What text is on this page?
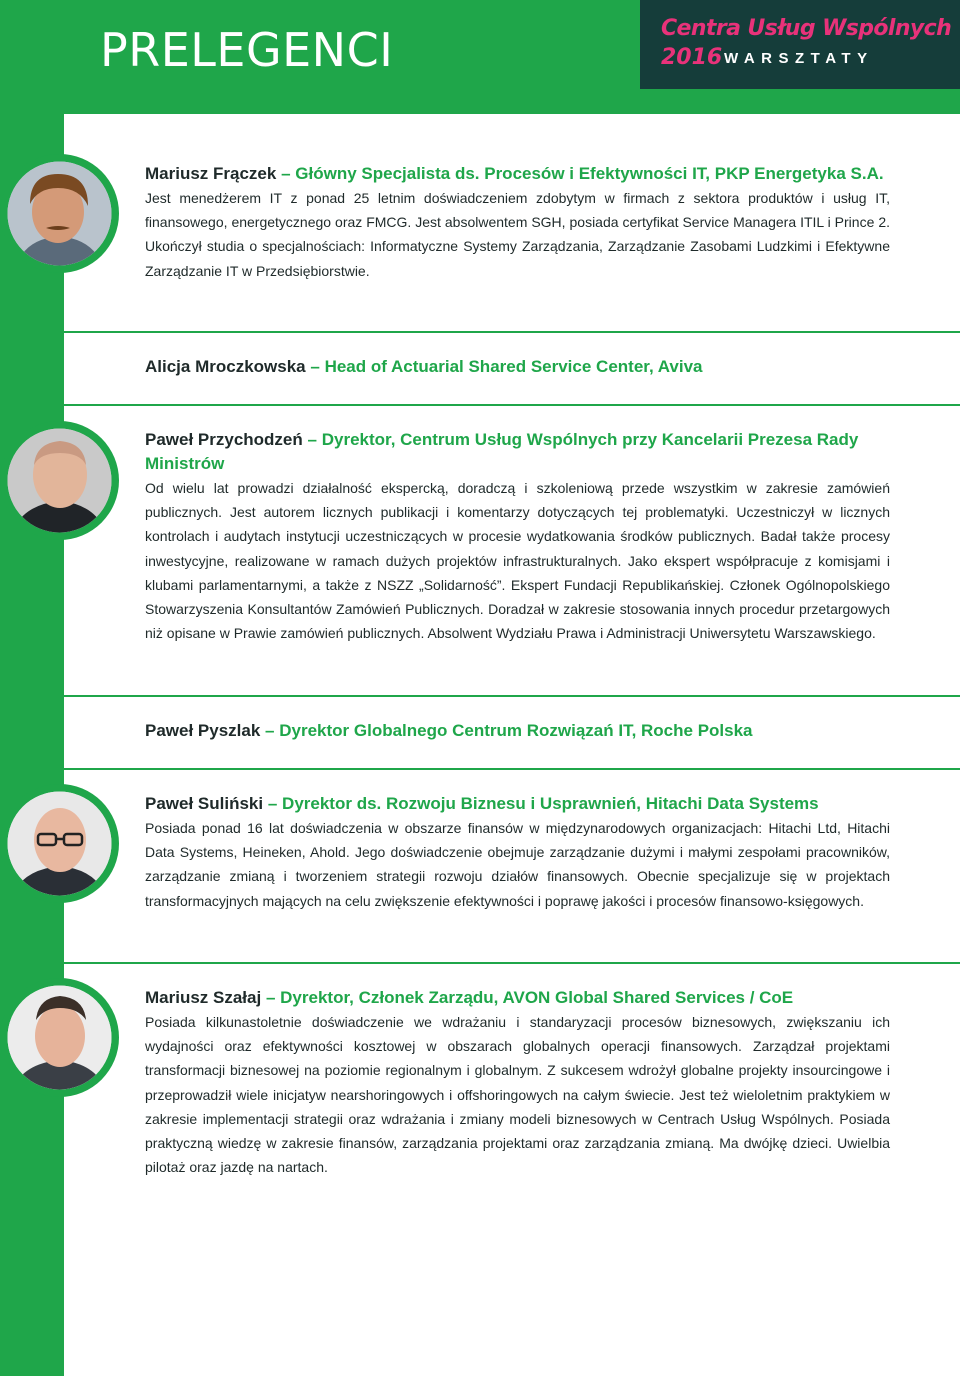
PRELEGENCI	Centra Usług Wspólnych
2016 WARSZTATY

Mariusz Frączek – Główny Specjalista ds. Procesów i Efektywności IT, PKP Energetyka S.A.

Jest menedżerem IT z ponad 25 letnim doświadczeniem zdobytym w firmach z sektora produktów i usług IT, finansowego, energetycznego oraz FMCG. Jest absolwentem SGH, posiada certyfikat Service Managera ITIL i Prince 2. Ukończył studia o specjalnościach: Informatyczne Systemy Zarządzania, Zarządzanie Zasobami Ludzkimi i Efektywne Zarządzanie IT w Przedsiębiorstwie.

Alicja Mroczkowska – Head of Actuarial Shared Service Center, Aviva

Paweł Przychodzeń – Dyrektor, Centrum Usług Wspólnych przy Kancelarii Prezesa Rady Ministrów

Od wielu lat prowadzi działalność ekspercką, doradczą i szkoleniową przede wszystkim w zakresie zamówień publicznych. Jest autorem licznych publikacji i komentarzy dotyczących tej problematyki. Uczestniczył w licznych kontrolach i audytach instytucji uczestniczących w procesie wydatkowania środków publicznych. Badał także procesy inwestycyjne, realizowane w ramach dużych projektów infrastrukturalnych. Jako ekspert współpracuje z komisjami i klubami parlamentarnymi, a także z NSZZ „Solidarność”. Ekspert Fundacji Republikańskiej. Członek Ogólnopolskiego Stowarzyszenia Konsultantów Zamówień Publicznych. Doradzał w zakresie stosowania innych procedur przetargowych niż opisane w Prawie zamówień publicznych. Absolwent Wydziału Prawa i Administracji Uniwersytetu Warszawskiego.

Paweł Pyszlak – Dyrektor Globalnego Centrum Rozwiązań IT, Roche Polska

Paweł Suliński – Dyrektor ds. Rozwoju Biznesu i Usprawnień, Hitachi Data Systems

Posiada ponad 16 lat doświadczenia w obszarze finansów w międzynarodowych organizacjach: Hitachi Ltd, Hitachi Data Systems, Heineken, Ahold. Jego doświadczenie obejmuje zarządzanie dużymi i małymi zespołami pracowników, zarządzanie zmianą i tworzeniem strategii rozwoju działów finansowych. Obecnie specjalizuje się w projektach transformacyjnych mających na celu zwiększenie efektywności i poprawę jakości i procesów finansowo-księgowych.

Mariusz Szałaj – Dyrektor, Członek Zarządu, AVON Global Shared Services / CoE

Posiada kilkunastoletnie doświadczenie we wdrażaniu i standaryzacji procesów biznesowych, zwiększaniu ich wydajności oraz efektywności kosztowej w obszarach globalnych operacji finansowych. Zarządzał projektami transformacji biznesowej na poziomie regionalnym i globalnym. Z sukcesem wdrożył globalne projekty insourcingowe i przeprowadził wiele inicjatyw nearshoringowych i offshoringowych na całym świecie. Jest też wieloletnim praktykiem w zakresie implementacji strategii oraz wdrażania i zmiany modeli biznesowych w Centrach Usług Wspólnych. Posiada praktyczną wiedzę w zakresie finansów, zarządzania projektami oraz zarządzania zmianą. Ma dwójkę dzieci. Uwielbia pilotaż oraz jazdę na nartach.
